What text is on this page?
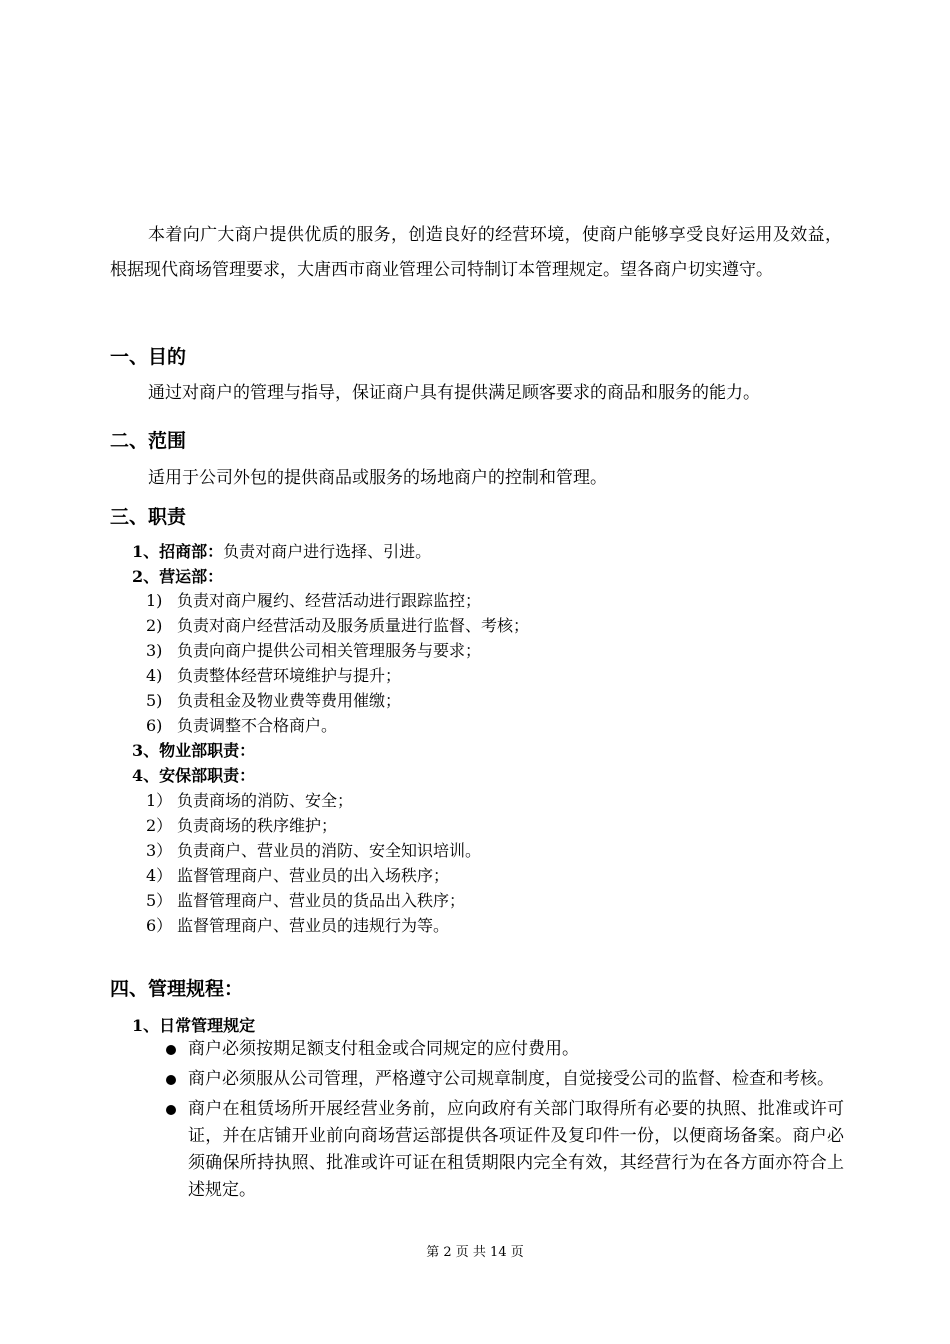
本着向广大商户提供优质的服务，创造良好的经营环境，使商户能够享受良好运用及效益，根据现代商场管理要求，大唐西市商业管理公司特制订本管理规定。望各商户切实遵守。

一、目的

通过对商户的管理与指导，保证商户具有提供满足顾客要求的商品和服务的能力。

二、范围

适用于公司外包的提供商品或服务的场地商户的控制和管理。

三、职责

1、招商部：负责对商户进行选择、引进。

2、营运部：

1) 负责对商户履约、经营活动进行跟踪监控；

2) 负责对商户经营活动及服务质量进行监督、考核；

3) 负责向商户提供公司相关管理服务与要求；

4) 负责整体经营环境维护与提升；

5) 负责租金及物业费等费用催缴；

6) 负责调整不合格商户。

3、物业部职责：

4、安保部职责：

1） 负责商场的消防、安全；

2） 负责商场的秩序维护；

3） 负责商户、营业员的消防、安全知识培训。

4） 监督管理商户、营业员的出入场秩序；

5） 监督管理商户、营业员的货品出入秩序；

6） 监督管理商户、营业员的违规行为等。

四、管理规程：

1、日常管理规定

商户必须按期足额支付租金或合同规定的应付费用。

商户必须服从公司管理，严格遵守公司规章制度，自觉接受公司的监督、检查和考核。

商户在租赁场所开展经营业务前，应向政府有关部门取得所有必要的执照、批准或许可证，并在店铺开业前向商场营运部提供各项证件及复印件一份，以便商场备案。商户必须确保所持执照、批准或许可证在租赁期限内完全有效，其经营行为在各方面亦符合上述规定。

第 2 页 共 14 页
